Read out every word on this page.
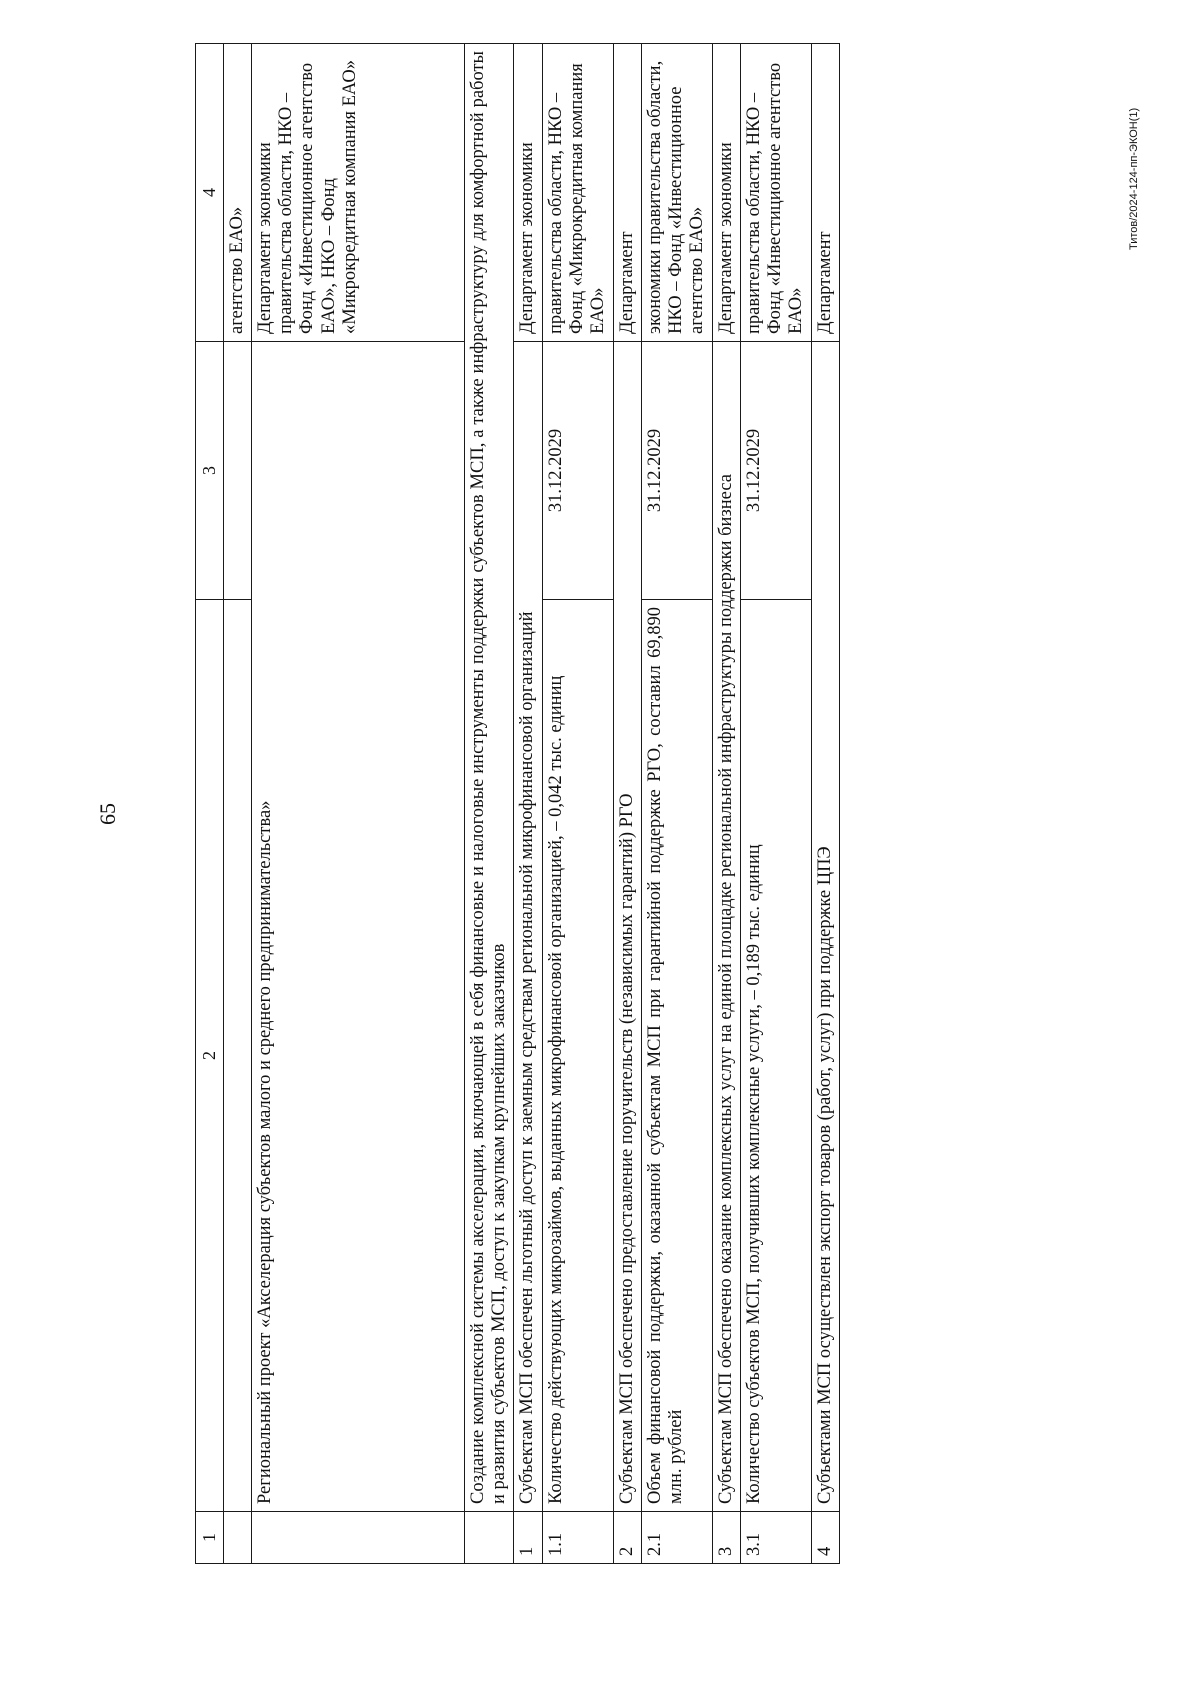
65
Титов/2024-124-пп-ЭКОН(1)
1	2	3	4
			агентство ЕАО»
	Региональный проект «Акселерация субъектов малого и среднего предпринимательства»		Департамент экономики правительства области, НКО – Фонд «Инвестиционное агентство ЕАО», НКО – Фонд «Микрокредитная компания ЕАО»
	Создание комплексной системы акселерации, включающей в себя финансовые и налоговые инструменты поддержки субъектов МСП, а также инфраструктуру для комфортной работы и развития субъектов МСП, доступ к закупкам крупнейших заказчиков		
1	Субъектам МСП обеспечен льготный доступ к заемным средствам региональной микрофинансовой организаций		Департамент экономики
1.1	Количество действующих микрозаймов, выданных микрофинансовой организацией, – 0,042 тыс. единиц	31.12.2029	правительства области, НКО – Фонд «Микрокредитная компания ЕАО»
2	Субъектам МСП обеспечено предоставление поручительств (независимых гарантий) РГО		Департамент
2.1	Объем финансовой поддержки, оказанной субъектам МСП при гарантийной поддержке РГО, составил 69,890 млн. рублей	31.12.2029	экономики правительства области, НКО – Фонд «Инвестиционное агентство ЕАО»
3	Субъектам МСП обеспечено оказание комплексных услуг на единой площадке региональной инфраструктуры поддержки бизнеса		Департамент экономики
3.1	Количество субъектов МСП, получивших комплексные услуги, – 0,189 тыс. единиц	31.12.2029	правительства области, НКО – Фонд «Инвестиционное агентство ЕАО»
4	Субъектами МСП осуществлен экспорт товаров (работ, услуг) при поддержке ЦПЭ		Департамент
